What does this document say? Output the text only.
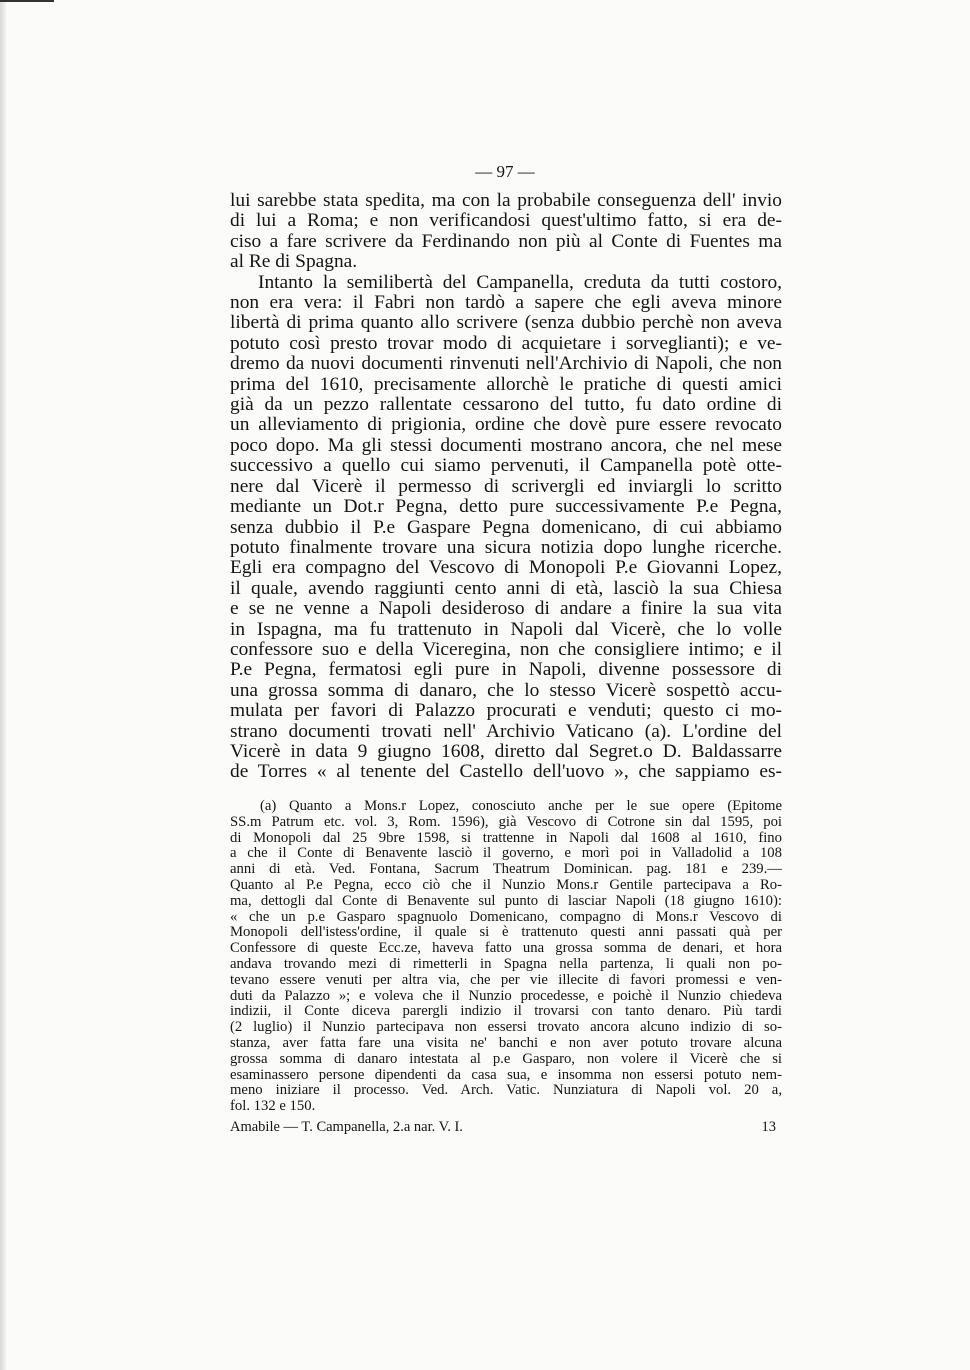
— 97 —
lui sarebbe stata spedita, ma con la probabile conseguenza dell' invio
di lui a Roma; e non verificandosi quest'ultimo fatto, si era de-
ciso a fare scrivere da Ferdinando non più al Conte di Fuentes ma
al Re di Spagna.
Intanto la semilibertà del Campanella, creduta da tutti costoro,
non era vera: il Fabri non tardò a sapere che egli aveva minore
libertà di prima quanto allo scrivere (senza dubbio perchè non aveva
potuto così presto trovar modo di acquietare i sorveglianti); e ve-
dremo da nuovi documenti rinvenuti nell'Archivio di Napoli, che non
prima del 1610, precisamente allorchè le pratiche di questi amici
già da un pezzo rallentate cessarono del tutto, fu dato ordine di
un alleviamento di prigionia, ordine che dovè pure essere revocato
poco dopo. Ma gli stessi documenti mostrano ancora, che nel mese
successivo a quello cui siamo pervenuti, il Campanella potè otte-
nere dal Vicerè il permesso di scrivergli ed inviargli lo scritto
mediante un Dot.r Pegna, detto pure successivamente P.e Pegna,
senza dubbio il P.e Gaspare Pegna domenicano, di cui abbiamo
potuto finalmente trovare una sicura notizia dopo lunghe ricerche.
Egli era compagno del Vescovo di Monopoli P.e Giovanni Lopez,
il quale, avendo raggiunti cento anni di età, lasciò la sua Chiesa
e se ne venne a Napoli desideroso di andare a finire la sua vita
in Ispagna, ma fu trattenuto in Napoli dal Vicerè, che lo volle
confessore suo e della Viceregina, non che consigliere intimo; e il
P.e Pegna, fermatosi egli pure in Napoli, divenne possessore di
una grossa somma di danaro, che lo stesso Vicerè sospettò accu-
mulata per favori di Palazzo procurati e venduti; questo ci mo-
strano documenti trovati nell' Archivio Vaticano (a). L'ordine del
Vicerè in data 9 giugno 1608, diretto dal Segret.o D. Baldassarre
de Torres « al tenente del Castello dell'uovo », che sappiamo es-
(a) Quanto a Mons.r Lopez, conosciuto anche per le sue opere (Epitome
SS.m Patrum etc. vol. 3, Rom. 1596), già Vescovo di Cotrone sin dal 1595, poi
di Monopoli dal 25 9bre 1598, si trattenne in Napoli dal 1608 al 1610, fino
a che il Conte di Benavente lasciò il governo, e morì poi in Valladolid a 108
anni di età. Ved. Fontana, Sacrum Theatrum Dominican. pag. 181 e 239.—
Quanto al P.e Pegna, ecco ciò che il Nunzio Mons.r Gentile partecipava a Ro-
ma, dettogli dal Conte di Benavente sul punto di lasciar Napoli (18 giugno 1610):
« che un p.e Gasparo spagnuolo Domenicano, compagno di Mons.r Vescovo di
Monopoli dell'istess'ordine, il quale si è trattenuto questi anni passati quà per
Confessore di queste Ecc.ze, haveva fatto una grossa somma de denari, et hora
andava trovando mezi di rimetterli in Spagna nella partenza, li quali non po-
tevano essere venuti per altra via, che per vie illecite di favori promessi e ven-
duti da Palazzo »; e voleva che il Nunzio procedesse, e poichè il Nunzio chiedeva
indizii, il Conte diceva parergli indizio il trovarsi con tanto denaro. Più tardi
(2 luglio) il Nunzio partecipava non essersi trovato ancora alcuno indizio di so-
stanza, aver fatta fare una visita ne' banchi e non aver potuto trovare alcuna
grossa somma di danaro intestata al p.e Gasparo, non volere il Vicerè che si
esaminassero persone dipendenti da casa sua, e insomma non essersi potuto nem-
meno iniziare il processo. Ved. Arch. Vatic. Nunziatura di Napoli vol. 20 a,
fol. 132 e 150.
Amabile — T. Campanella, 2.a nar. V. I.	13
